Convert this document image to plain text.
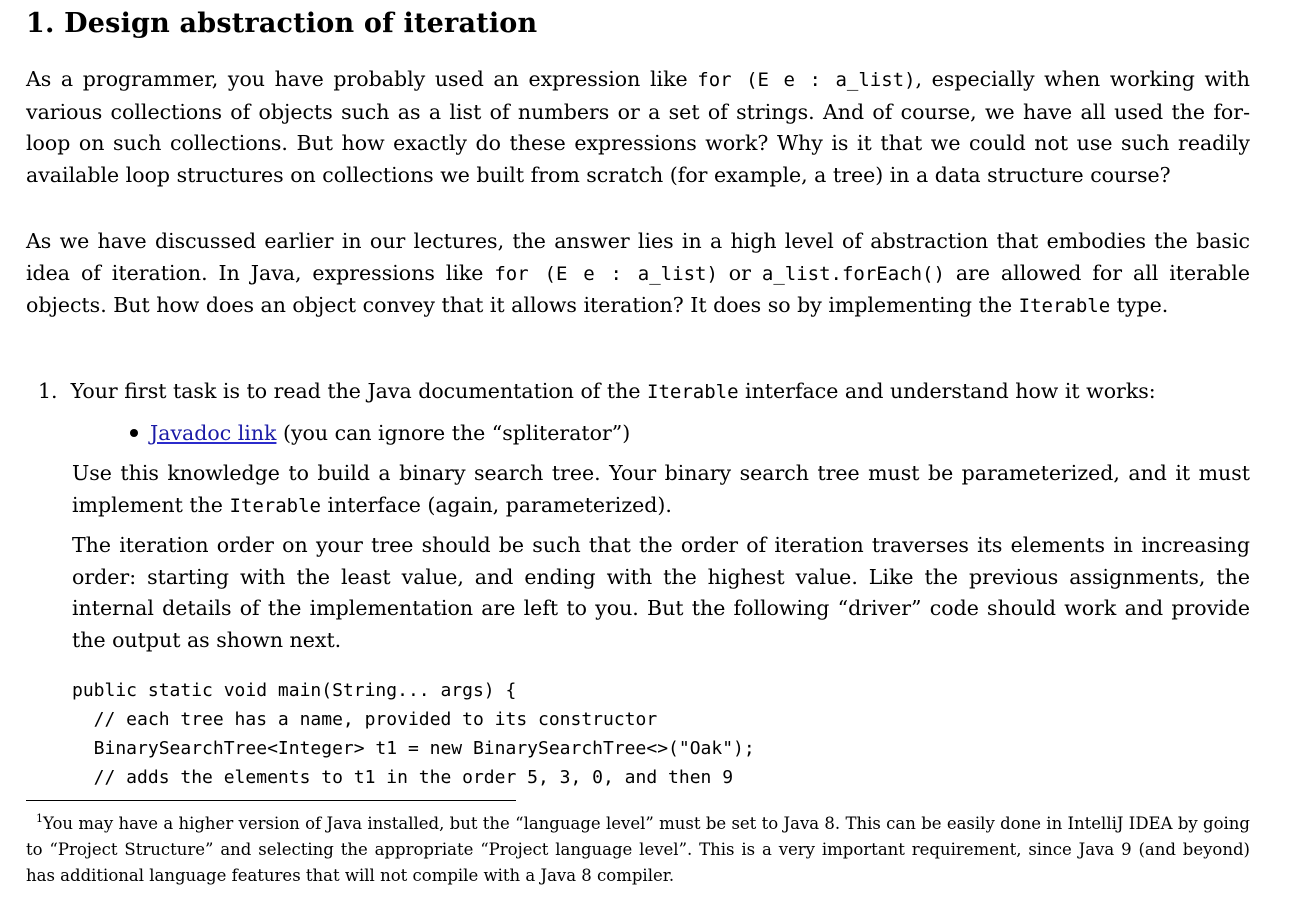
1. Design abstraction of iteration

As a programmer, you have probably used an expression like for (E e : a_list), especially when working with various collections of objects such as a list of numbers or a set of strings. And of course, we have all used the for-loop on such collections. But how exactly do these expressions work? Why is it that we could not use such readily available loop structures on collections we built from scratch (for example, a tree) in a data structure course?

As we have discussed earlier in our lectures, the answer lies in a high level of abstraction that embodies the basic idea of iteration. In Java, expressions like for (E e : a_list) or a_list.forEach() are allowed for all iterable objects. But how does an object convey that it allows iteration? It does so by implementing the Iterable type.

1. Your first task is to read the Java documentation of the Iterable interface and understand how it works:
Javadoc link (you can ignore the “spliterator”)

Use this knowledge to build a binary search tree. Your binary search tree must be parameterized, and it must implement the Iterable interface (again, parameterized).

The iteration order on your tree should be such that the order of iteration traverses its elements in increasing order: starting with the least value, and ending with the highest value. Like the previous assignments, the internal details of the implementation are left to you. But the following “driver” code should work and provide the output as shown next.

public static void main(String... args) {
// each tree has a name, provided to its constructor
BinarySearchTree<Integer> t1 = new BinarySearchTree<>("Oak");
// adds the elements to t1 in the order 5, 3, 0, and then 9

$^1$You may have a higher version of Java installed, but the “language level” must be set to Java 8. This can be easily done in IntelliJ IDEA by going to “Project Structure” and selecting the appropriate “Project language level”. This is a very important requirement, since Java 9 (and beyond) has additional language features that will not compile with a Java 8 compiler.
